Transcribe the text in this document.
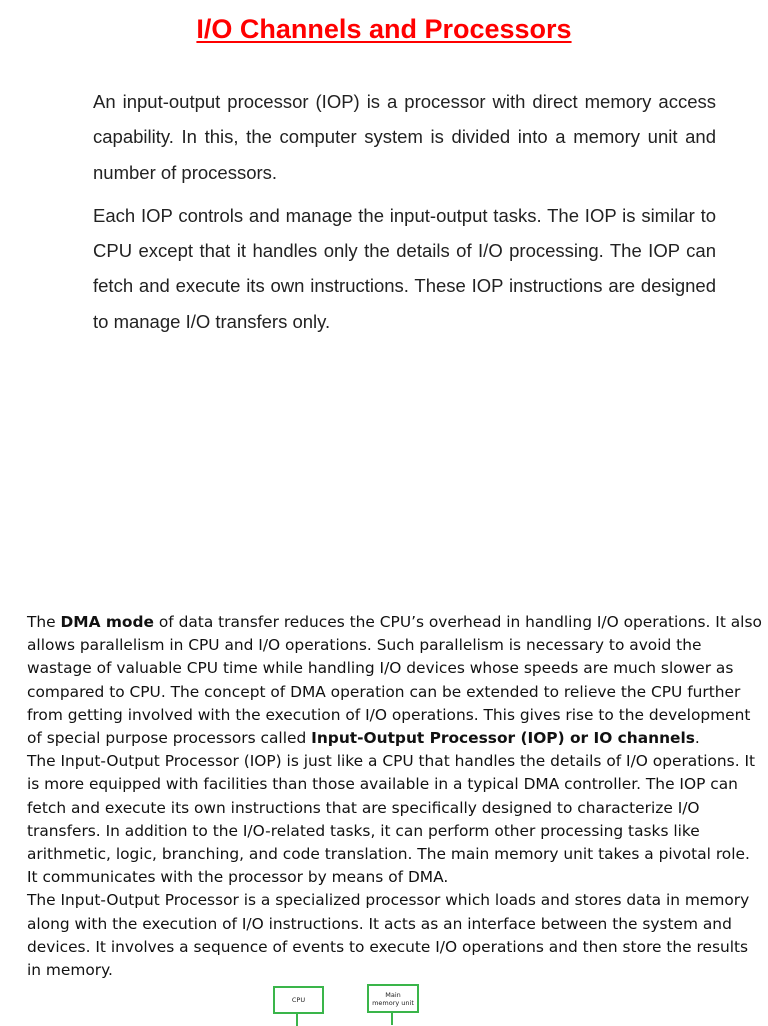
I/O Channels and Processors

An input-output processor (IOP) is a processor with direct memory access capability. In this, the computer system is divided into a memory unit and number of processors.

Each IOP controls and manage the input-output tasks. The IOP is similar to CPU except that it handles only the details of I/O processing. The IOP can fetch and execute its own instructions. These IOP instructions are designed to manage I/O transfers only.

The DMA mode of data transfer reduces the CPU’s overhead in handling I/O operations. It also allows parallelism in CPU and I/O operations. Such parallelism is necessary to avoid the wastage of valuable CPU time while handling I/O devices whose speeds are much slower as compared to CPU. The concept of DMA operation can be extended to relieve the CPU further from getting involved with the execution of I/O operations. This gives rise to the development of special purpose processors called Input-Output Processor (IOP) or IO channels.

The Input-Output Processor (IOP) is just like a CPU that handles the details of I/O operations. It is more equipped with facilities than those available in a typical DMA controller. The IOP can fetch and execute its own instructions that are specifically designed to characterize I/O transfers. In addition to the I/O-related tasks, it can perform other processing tasks like arithmetic, logic, branching, and code translation. The main memory unit takes a pivotal role. It communicates with the processor by means of DMA.

The Input-Output Processor is a specialized processor which loads and stores data in memory along with the execution of I/O instructions. It acts as an interface between the system and devices. It involves a sequence of events to execute I/O operations and then store the results in memory.

CPU
Main memory unit
